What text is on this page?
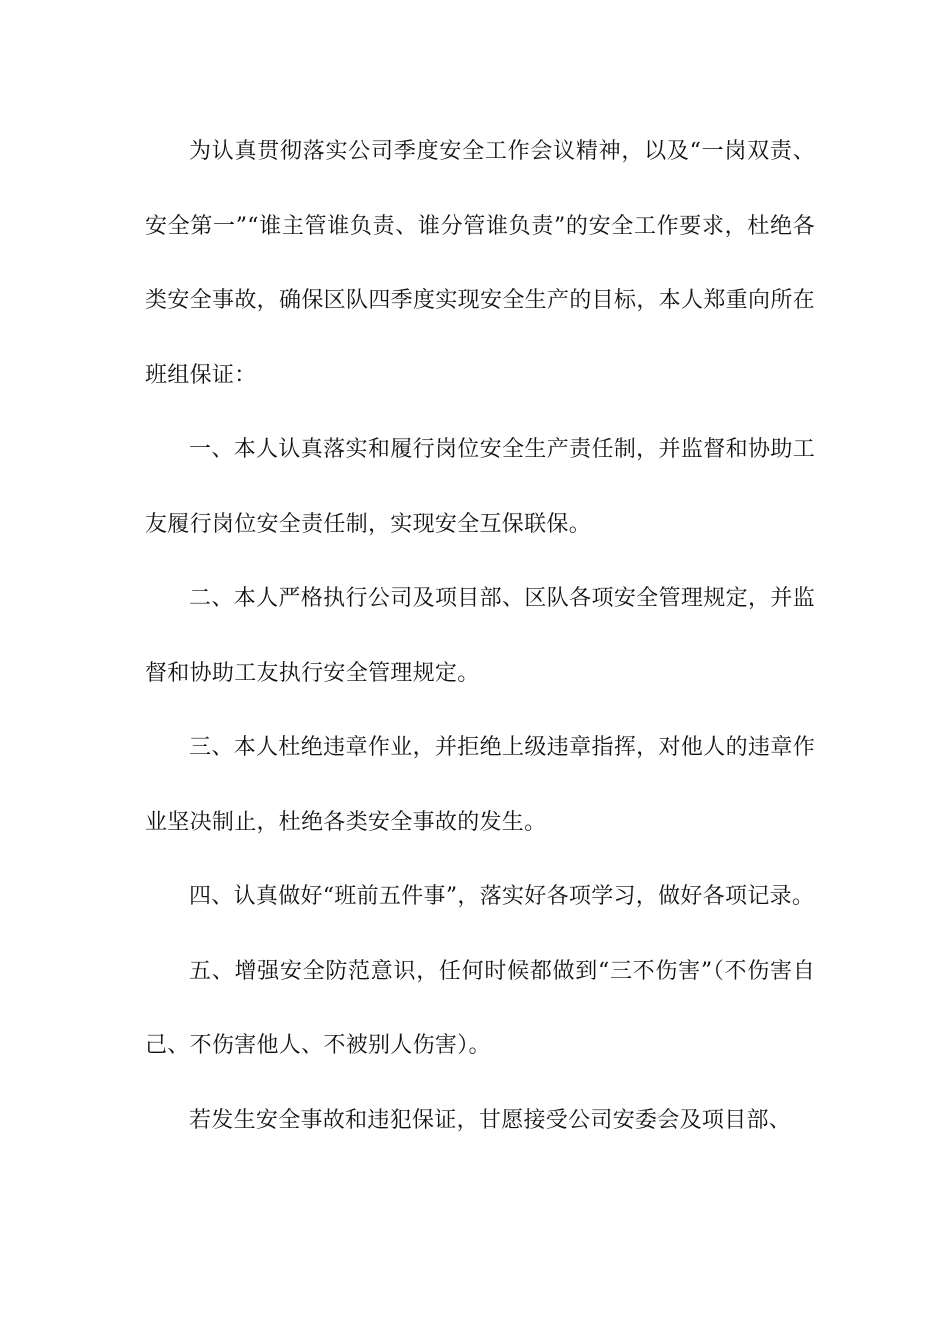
为认真贯彻落实公司季度安全工作会议精神，以及“一岗双责、安全第一”“谁主管谁负责、谁分管谁负责”的安全工作要求，杜绝各类安全事故，确保区队四季度实现安全生产的目标，本人郑重向所在班组保证：

一、本人认真落实和履行岗位安全生产责任制，并监督和协助工友履行岗位安全责任制，实现安全互保联保。

二、本人严格执行公司及项目部、区队各项安全管理规定，并监督和协助工友执行安全管理规定。

三、本人杜绝违章作业，并拒绝上级违章指挥，对他人的违章作业坚决制止，杜绝各类安全事故的发生。

四、认真做好“班前五件事”，落实好各项学习，做好各项记录。

五、增强安全防范意识，任何时候都做到“三不伤害”（不伤害自己、不伤害他人、不被别人伤害）。

若发生安全事故和违犯保证，甘愿接受公司安委会及项目部、
